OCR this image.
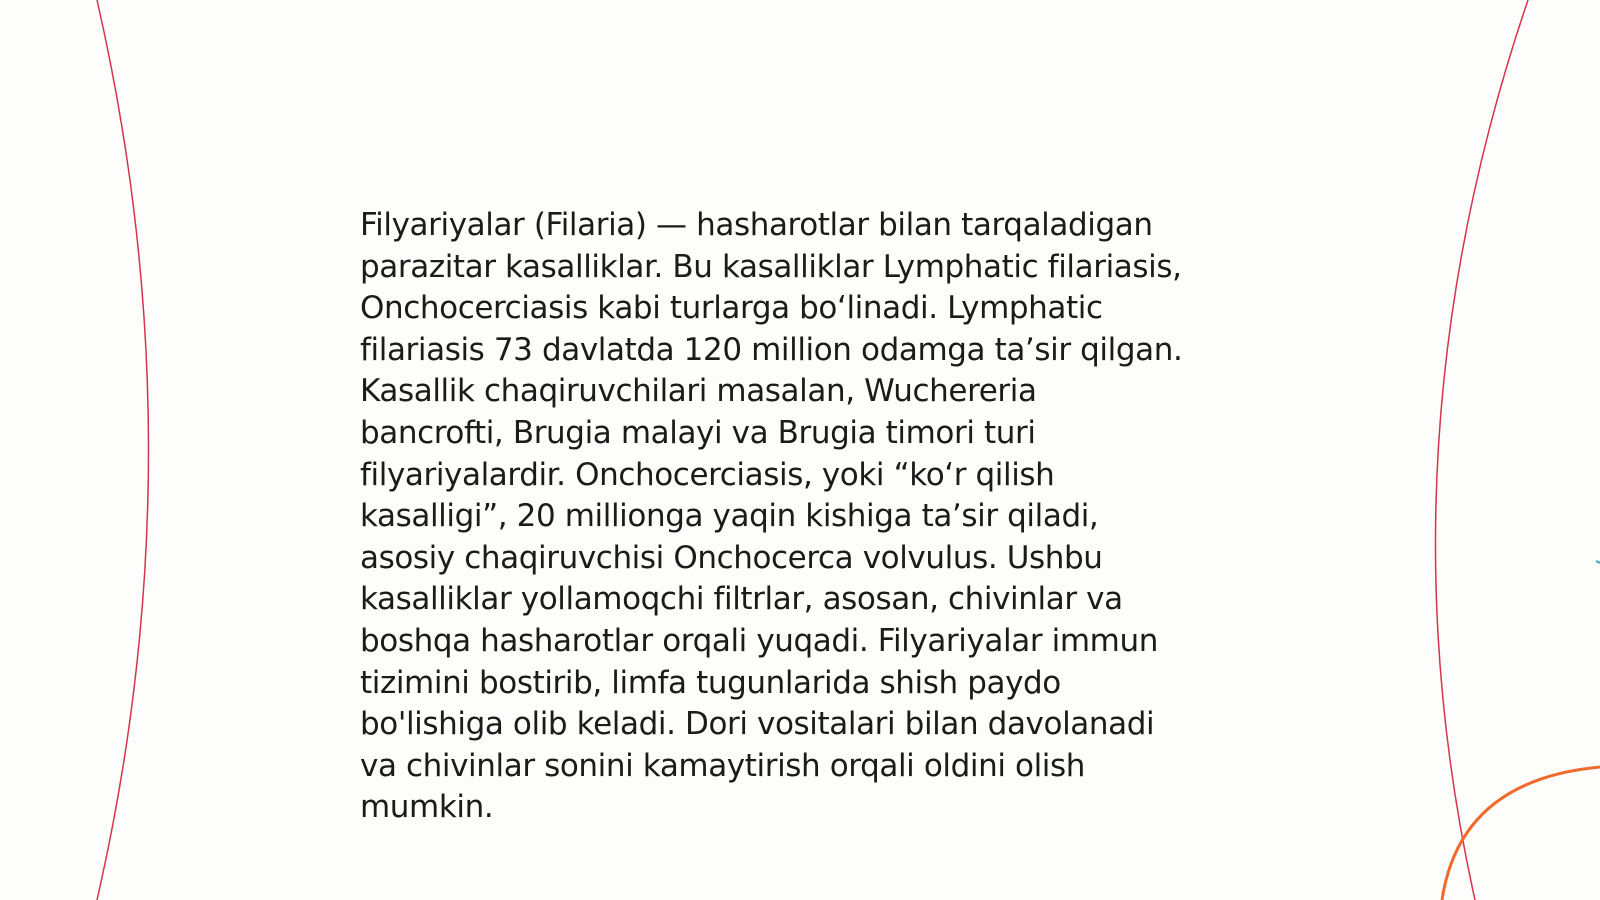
Filyariyalar (Filaria) — hasharotlar bilan tarqaladigan
parazitar kasalliklar. Bu kasalliklar Lymphatic filariasis,
Onchocerciasis kabi turlarga boʻlinadi. Lymphatic
filariasis 73 davlatda 120 million odamga taʼsir qilgan.
Kasallik chaqiruvchilari masalan, Wuchereria
bancrofti, Brugia malayi va Brugia timori turi
filyariyalardir. Onchocerciasis, yoki “koʻr qilish
kasalligi”, 20 millionga yaqin kishiga taʼsir qiladi,
asosiy chaqiruvchisi Onchocerca volvulus. Ushbu
kasalliklar yollamoqchi filtrlar, asosan, chivinlar va
boshqa hasharotlar orqali yuqadi. Filyariyalar immun
tizimini bostirib, limfa tugunlarida shish paydo
bo'lishiga olib keladi. Dori vositalari bilan davolanadi
va chivinlar sonini kamaytirish orqali oldini olish
mumkin.
